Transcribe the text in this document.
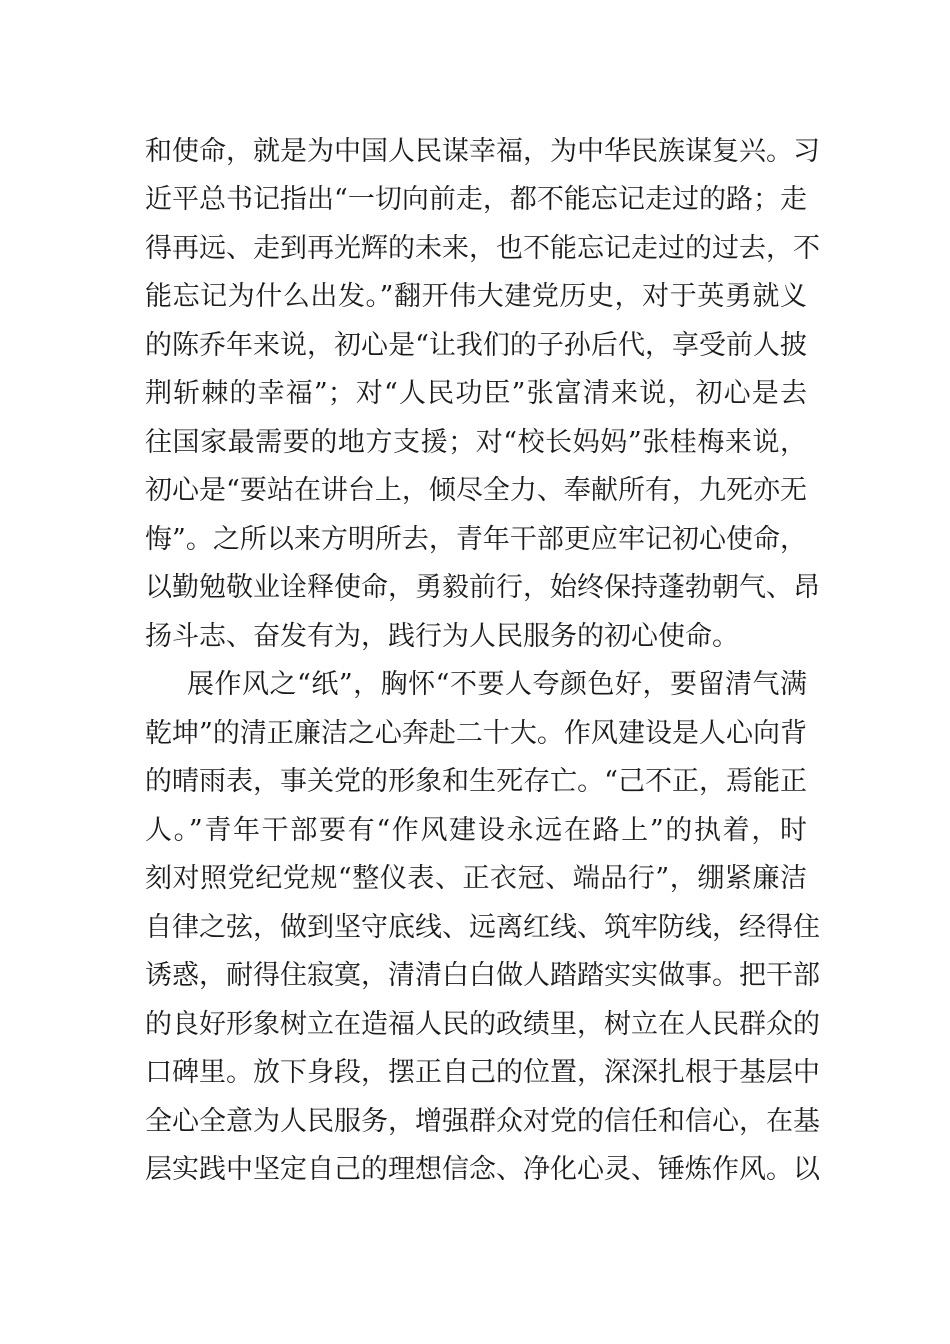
和使命，就是为中国人民谋幸福，为中华民族谋复兴。习
近平总书记指出“一切向前走，都不能忘记走过的路；走
得再远、走到再光辉的未来，也不能忘记走过的过去，不
能忘记为什么出发。”翻开伟大建党历史，对于英勇就义
的陈乔年来说，初心是“让我们的子孙后代，享受前人披
荆斩棘的幸福”；对“人民功臣”张富清来说，初心是去
往国家最需要的地方支援；对“校长妈妈”张桂梅来说，
初心是“要站在讲台上，倾尽全力、奉献所有，九死亦无
悔”。之所以来方明所去，青年干部更应牢记初心使命，
以勤勉敬业诠释使命，勇毅前行，始终保持蓬勃朝气、昂
扬斗志、奋发有为，践行为人民服务的初心使命。
展作风之“纸”，胸怀“不要人夸颜色好，要留清气满
乾坤”的清正廉洁之心奔赴二十大。作风建设是人心向背
的晴雨表，事关党的形象和生死存亡。“己不正，焉能正
人。”青年干部要有“作风建设永远在路上”的执着，时
刻对照党纪党规“整仪表、正衣冠、端品行”，绷紧廉洁
自律之弦，做到坚守底线、远离红线、筑牢防线，经得住
诱惑，耐得住寂寞，清清白白做人踏踏实实做事。把干部
的良好形象树立在造福人民的政绩里，树立在人民群众的
口碑里。放下身段，摆正自己的位置，深深扎根于基层中
全心全意为人民服务，增强群众对党的信任和信心，在基
层实践中坚定自己的理想信念、净化心灵、锤炼作风。以
